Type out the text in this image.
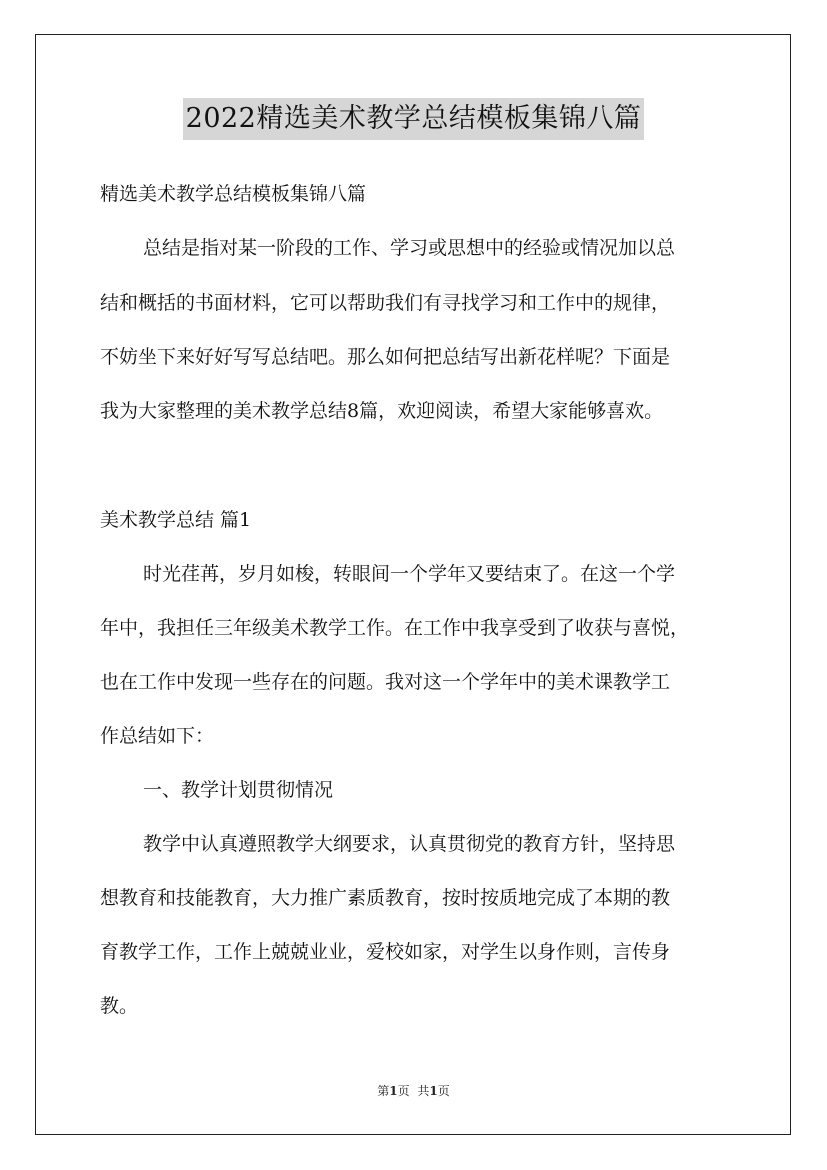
2022精选美术教学总结模板集锦八篇
精选美术教学总结模板集锦八篇
总结是指对某一阶段的工作、学习或思想中的经验或情况加以总
结和概括的书面材料，它可以帮助我们有寻找学习和工作中的规律，
不妨坐下来好好写写总结吧。那么如何把总结写出新花样呢？下面是
我为大家整理的美术教学总结8篇，欢迎阅读，希望大家能够喜欢。
美术教学总结 篇1
时光荏苒，岁月如梭，转眼间一个学年又要结束了。在这一个学
年中，我担任三年级美术教学工作。在工作中我享受到了收获与喜悦，
也在工作中发现一些存在的问题。我对这一个学年中的美术课教学工
作总结如下：
一、教学计划贯彻情况
教学中认真遵照教学大纲要求，认真贯彻党的教育方针，坚持思
想教育和技能教育，大力推广素质教育，按时按质地完成了本期的教
育教学工作，工作上兢兢业业，爱校如家，对学生以身作则，言传身
教。
第1页 共1页
